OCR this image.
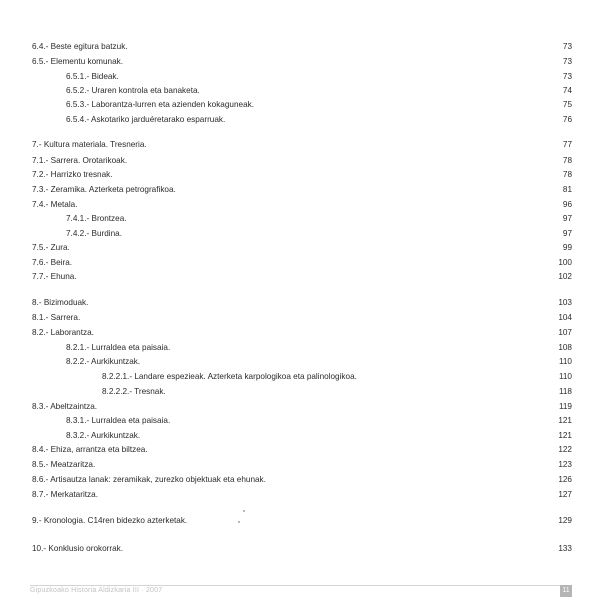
6.4.- Beste egitura batzuk.	73
6.5.- Elementu komunak.	73
6.5.1.- Bideak.	73
6.5.2.- Uraren kontrola eta banaketa.	74
6.5.3.- Laborantza-lurren eta azienden kokaguneak.	75
6.5.4.- Askotariko jarduéretarako esparruak.	76
7.- Kultura materiala. Tresneria.	77
7.1.- Sarrera. Orotarikoak.	78
7.2.- Harrizko tresnak.	78
7.3.- Zeramika. Azterketa petrografikoa.	81
7.4.- Metala.	96
7.4.1.- Brontzea.	97
7.4.2.- Burdina.	97
7.5.- Zura.	99
7.6.- Beira.	100
7.7.- Ehuna.	102
8.- Bizimoduak.	103
8.1.- Sarrera.	104
8.2.- Laborantza.	107
8.2.1.- Lurraldea eta paisaia.	108
8.2.2.- Aurkikuntzak.	110
8.2.2.1.- Landare espezieak. Azterketa karpologikoa eta palinologikoa.	110
8.2.2.2.- Tresnak.	118
8.3.- Abeltzaintza.	119
8.3.1.- Lurraldea eta paisaia.	121
8.3.2.- Aurkikuntzak.	121
8.4.- Ehiza, arrantza eta biltzea.	122
8.5.- Meatzaritza.	123
8.6.- Artisautza lanak: zeramikak, zurezko objektuak eta ehunak.	126
8.7.- Merkataritza.	127
9.- Kronologia. C14ren bidezko azterketak.	129
10.- Konklusio orokorrak.	133
Gipuzkoako Historia Aldizkaria III · 2007	11
